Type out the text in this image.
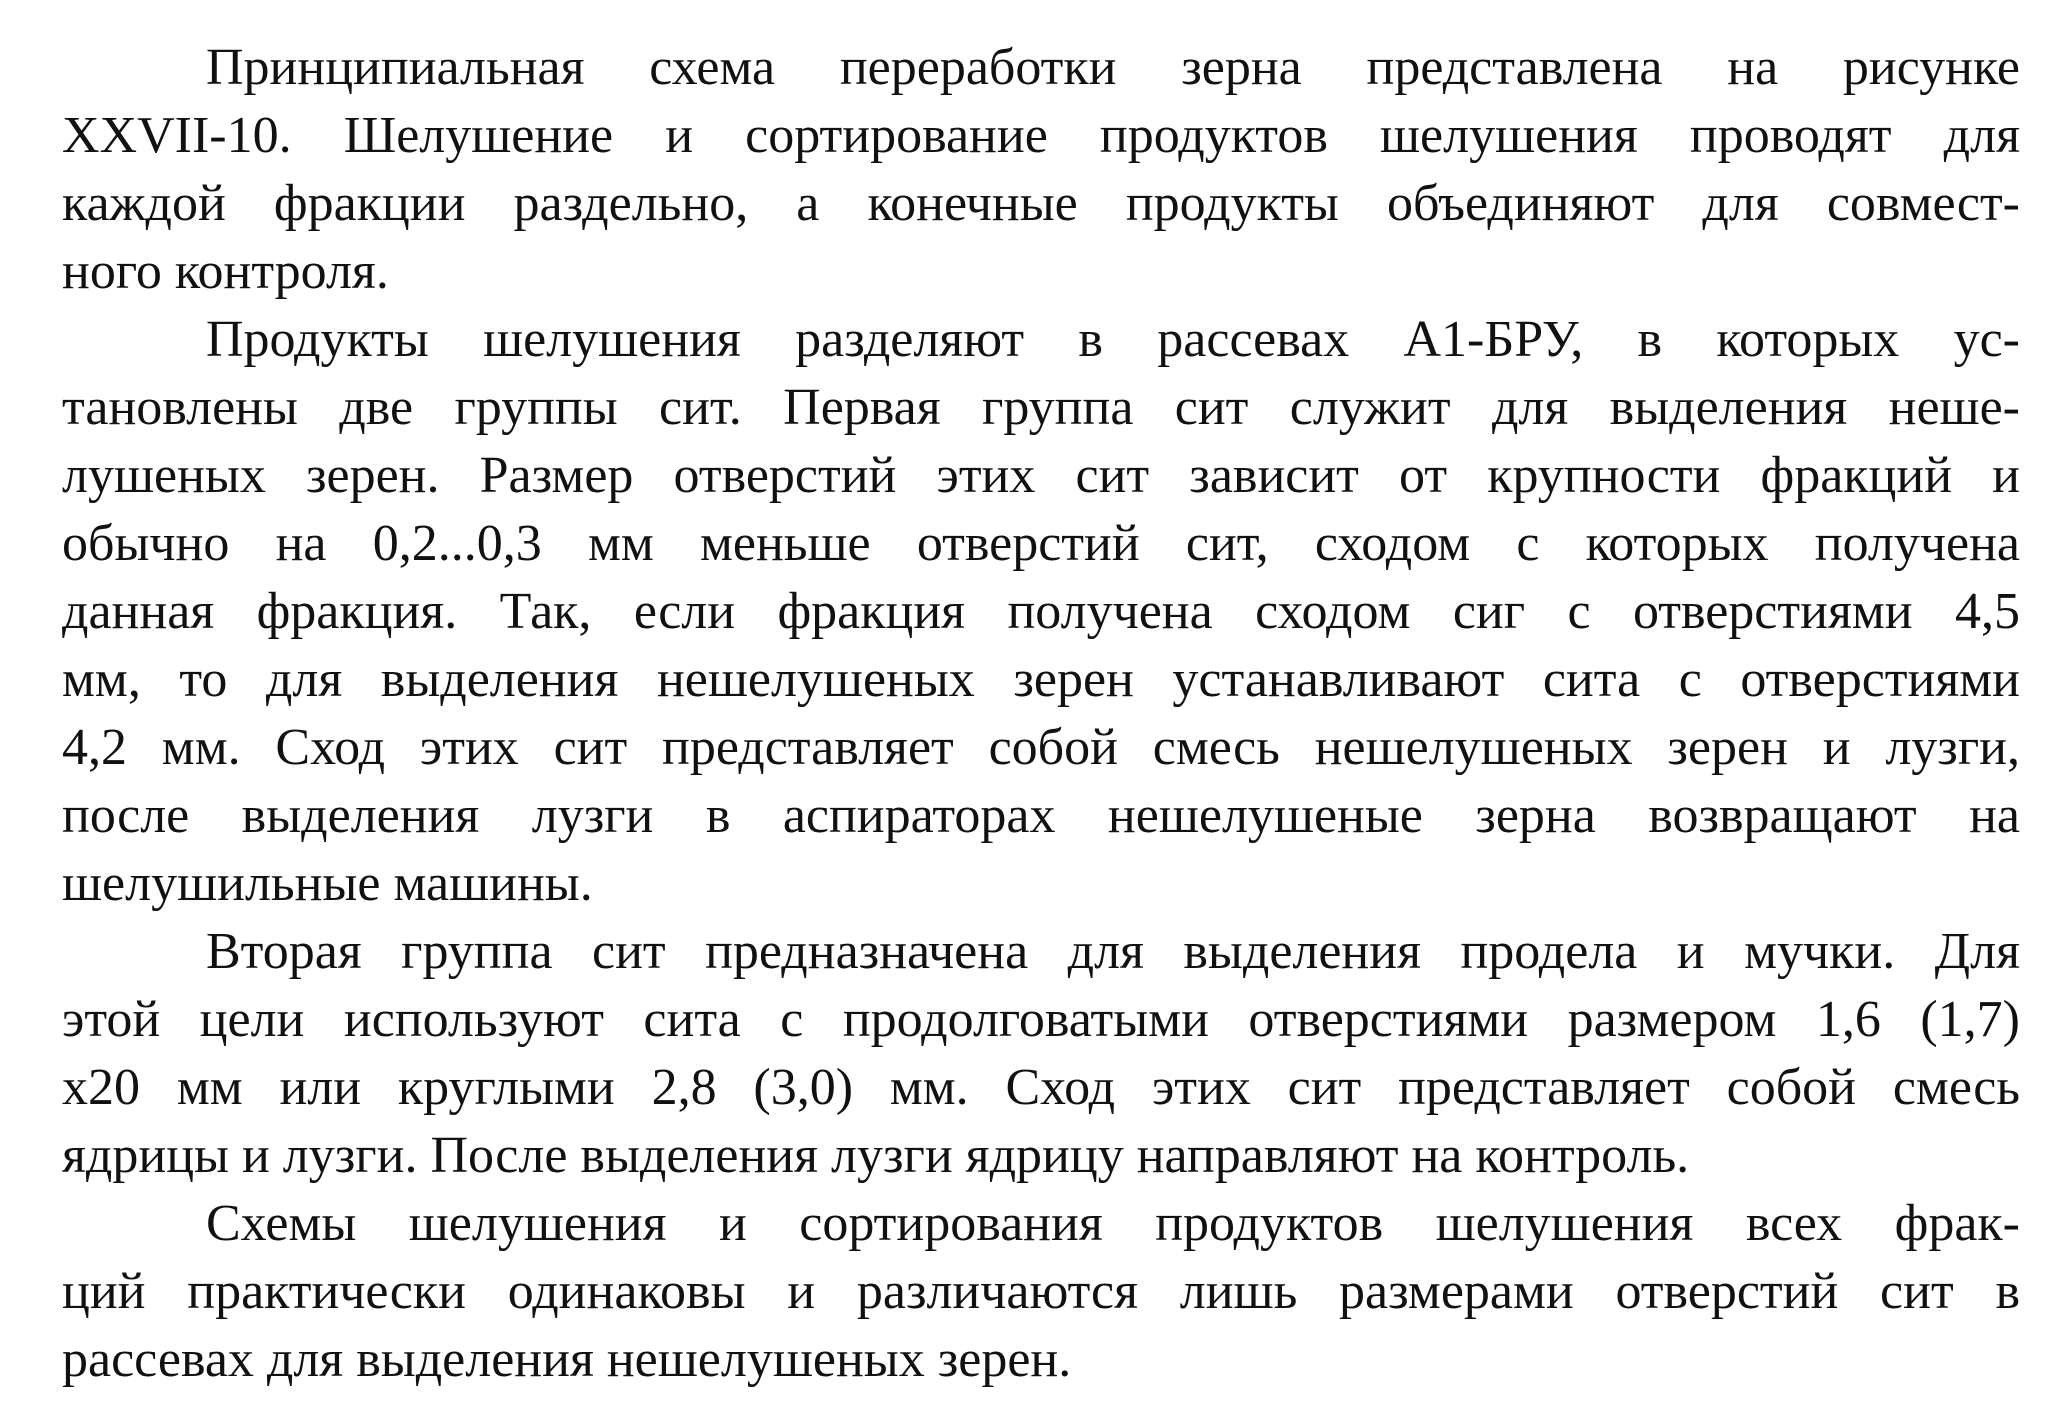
Принципиальная схема переработки зерна представлена на рисунке

XXVII-10. Шелушение и сортирование продуктов шелушения проводят для

каждой фракции раздельно, а конечные продукты объединяют для совмест-

ного контроля.

Продукты шелушения разделяют в рассевах А1-БРУ, в которых ус-

тановлены две группы сит. Первая группа сит служит для выделения неше-

лушеных зерен. Размер отверстий этих сит зависит от крупности фракций и

обычно на 0,2...0,3 мм меньше отверстий сит, сходом с которых получена

данная фракция. Так, если фракция получена сходом сиг с отверстиями 4,5

мм, то для выделения нешелушеных зерен устанавливают сита с отверстиями

4,2 мм. Сход этих сит представляет собой смесь нешелушеных зерен и лузги,

после выделения лузги в аспираторах нешелушеные зерна возвращают на

шелушильные машины.

Вторая группа сит предназначена для выделения продела и мучки. Для

этой цели используют сита с продолговатыми отверстиями размером 1,6 (1,7)

х20 мм или круглыми 2,8 (3,0) мм. Сход этих сит представляет собой смесь

ядрицы и лузги. После выделения лузги ядрицу направляют на контроль.

Схемы шелушения и сортирования продуктов шелушения всех фрак-

ций практически одинаковы и различаются лишь размерами отверстий сит в

рассевах для выделения нешелушеных зерен.
